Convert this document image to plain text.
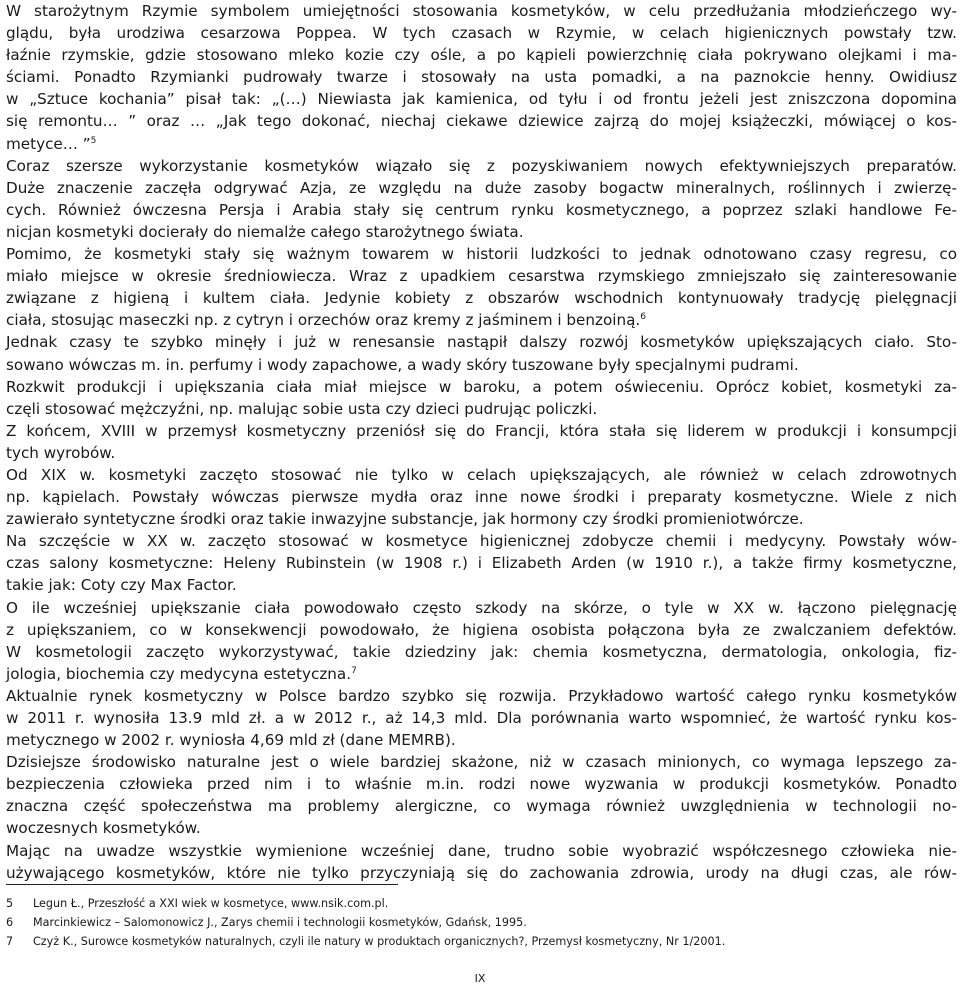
W starożytnym Rzymie symbolem umiejętności stosowania kosmetyków, w celu przedłużania młodzieńczego wy-
glądu, była urodziwa cesarzowa Poppea. W tych czasach w Rzymie, w celach higienicznych powstały tzw.
łaźnie rzymskie, gdzie stosowano mleko kozie czy ośle, a po kąpieli powierzchnię ciała pokrywano olejkami i ma-
ściami. Ponadto Rzymianki pudrowały twarze i stosowały na usta pomadki, a na paznokcie henny. Owidiusz
w „Sztuce kochania” pisał tak: „(…) Niewiasta jak kamienica, od tyłu i od frontu jeżeli jest zniszczona dopomina
się remontu… ” oraz … „Jak tego dokonać, niechaj ciekawe dziewice zajrzą do mojej książeczki, mówiącej o kos-
metyce… ”$^5$
Coraz szersze wykorzystanie kosmetyków wiązało się z pozyskiwaniem nowych efektywniejszych preparatów.
Duże znaczenie zaczęła odgrywać Azja, ze względu na duże zasoby bogactw mineralnych, roślinnych i zwierzę-
cych. Również ówczesna Persja i Arabia stały się centrum rynku kosmetycznego, a poprzez szlaki handlowe Fe-
nicjan kosmetyki docierały do niemalże całego starożytnego świata.
Pomimo, że kosmetyki stały się ważnym towarem w historii ludzkości to jednak odnotowano czasy regresu, co
miało miejsce w okresie średniowiecza. Wraz z upadkiem cesarstwa rzymskiego zmniejszało się zainteresowanie
związane z higieną i kultem ciała. Jedynie kobiety z obszarów wschodnich kontynuowały tradycję pielęgnacji
ciała, stosując maseczki np. z cytryn i orzechów oraz kremy z jaśminem i benzoiną.$^6$
Jednak czasy te szybko minęły i już w renesansie nastąpił dalszy rozwój kosmetyków upiększających ciało. Sto-
sowano wówczas m. in. perfumy i wody zapachowe, a wady skóry tuszowane były specjalnymi pudrami.
Rozkwit produkcji i upiększania ciała miał miejsce w baroku, a potem oświeceniu. Oprócz kobiet, kosmetyki za-
częli stosować mężczyźni, np. malując sobie usta czy dzieci pudrując policzki.
Z końcem, XVIII w przemysł kosmetyczny przeniósł się do Francji, która stała się liderem w produkcji i konsumpcji
tych wyrobów.
Od XIX w. kosmetyki zaczęto stosować nie tylko w celach upiększających, ale również w celach zdrowotnych
np. kąpielach. Powstały wówczas pierwsze mydła oraz inne nowe środki i preparaty kosmetyczne. Wiele z nich
zawierało syntetyczne środki oraz takie inwazyjne substancje, jak hormony czy środki promieniotwórcze.
Na szczęście w XX w. zaczęto stosować w kosmetyce higienicznej zdobycze chemii i medycyny. Powstały wów-
czas salony kosmetyczne: Heleny Rubinstein (w 1908 r.) i Elizabeth Arden (w 1910 r.), a także firmy kosmetyczne,
takie jak: Coty czy Max Factor.
O ile wcześniej upiększanie ciała powodowało często szkody na skórze, o tyle w XX w. łączono pielęgnację
z upiększaniem, co w konsekwencji powodowało, że higiena osobista połączona była ze zwalczaniem defektów.
W kosmetologii zaczęto wykorzystywać, takie dziedziny jak: chemia kosmetyczna, dermatologia, onkologia, fiz-
jologia, biochemia czy medycyna estetyczna.$^7$
Aktualnie rynek kosmetyczny w Polsce bardzo szybko się rozwija. Przykładowo wartość całego rynku kosmetyków
w 2011 r. wynosiła 13.9 mld zł. a w 2012 r., aż 14,3 mld. Dla porównania warto wspomnieć, że wartość rynku kos-
metycznego w 2002 r. wyniosła 4,69 mld zł (dane MEMRB).
Dzisiejsze środowisko naturalne jest o wiele bardziej skażone, niż w czasach minionych, co wymaga lepszego za-
bezpieczenia człowieka przed nim i to właśnie m.in. rodzi nowe wyzwania w produkcji kosmetyków. Ponadto
znaczna część społeczeństwa ma problemy alergiczne, co wymaga również uwzględnienia w technologii no-
woczesnych kosmetyków.
Mając na uwadze wszystkie wymienione wcześniej dane, trudno sobie wyobrazić współczesnego człowieka nie-
używającego kosmetyków, które nie tylko przyczyniają się do zachowania zdrowia, urody na długi czas, ale rów-
5	Legun Ł., Przeszłość a XXI wiek w kosmetyce, www.nsik.com.pl.
6	Marcinkiewicz – Salomonowicz J., Zarys chemii i technologii kosmetyków, Gdańsk, 1995.
7	Czyż K., Surowce kosmetyków naturalnych, czyli ile natury w produktach organicznych?, Przemysł kosmetyczny, Nr 1/2001.
IX
